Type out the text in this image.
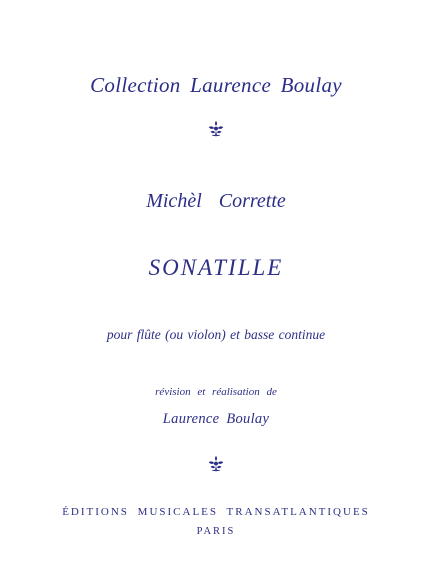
Collection Laurence Boulay
Michèl Corrette
SONATILLE
pour flûte (ou violon) et basse continue
révision et réalisation de
Laurence Boulay
ÉDITIONS MUSICALES TRANSATLANTIQUES
PARIS
